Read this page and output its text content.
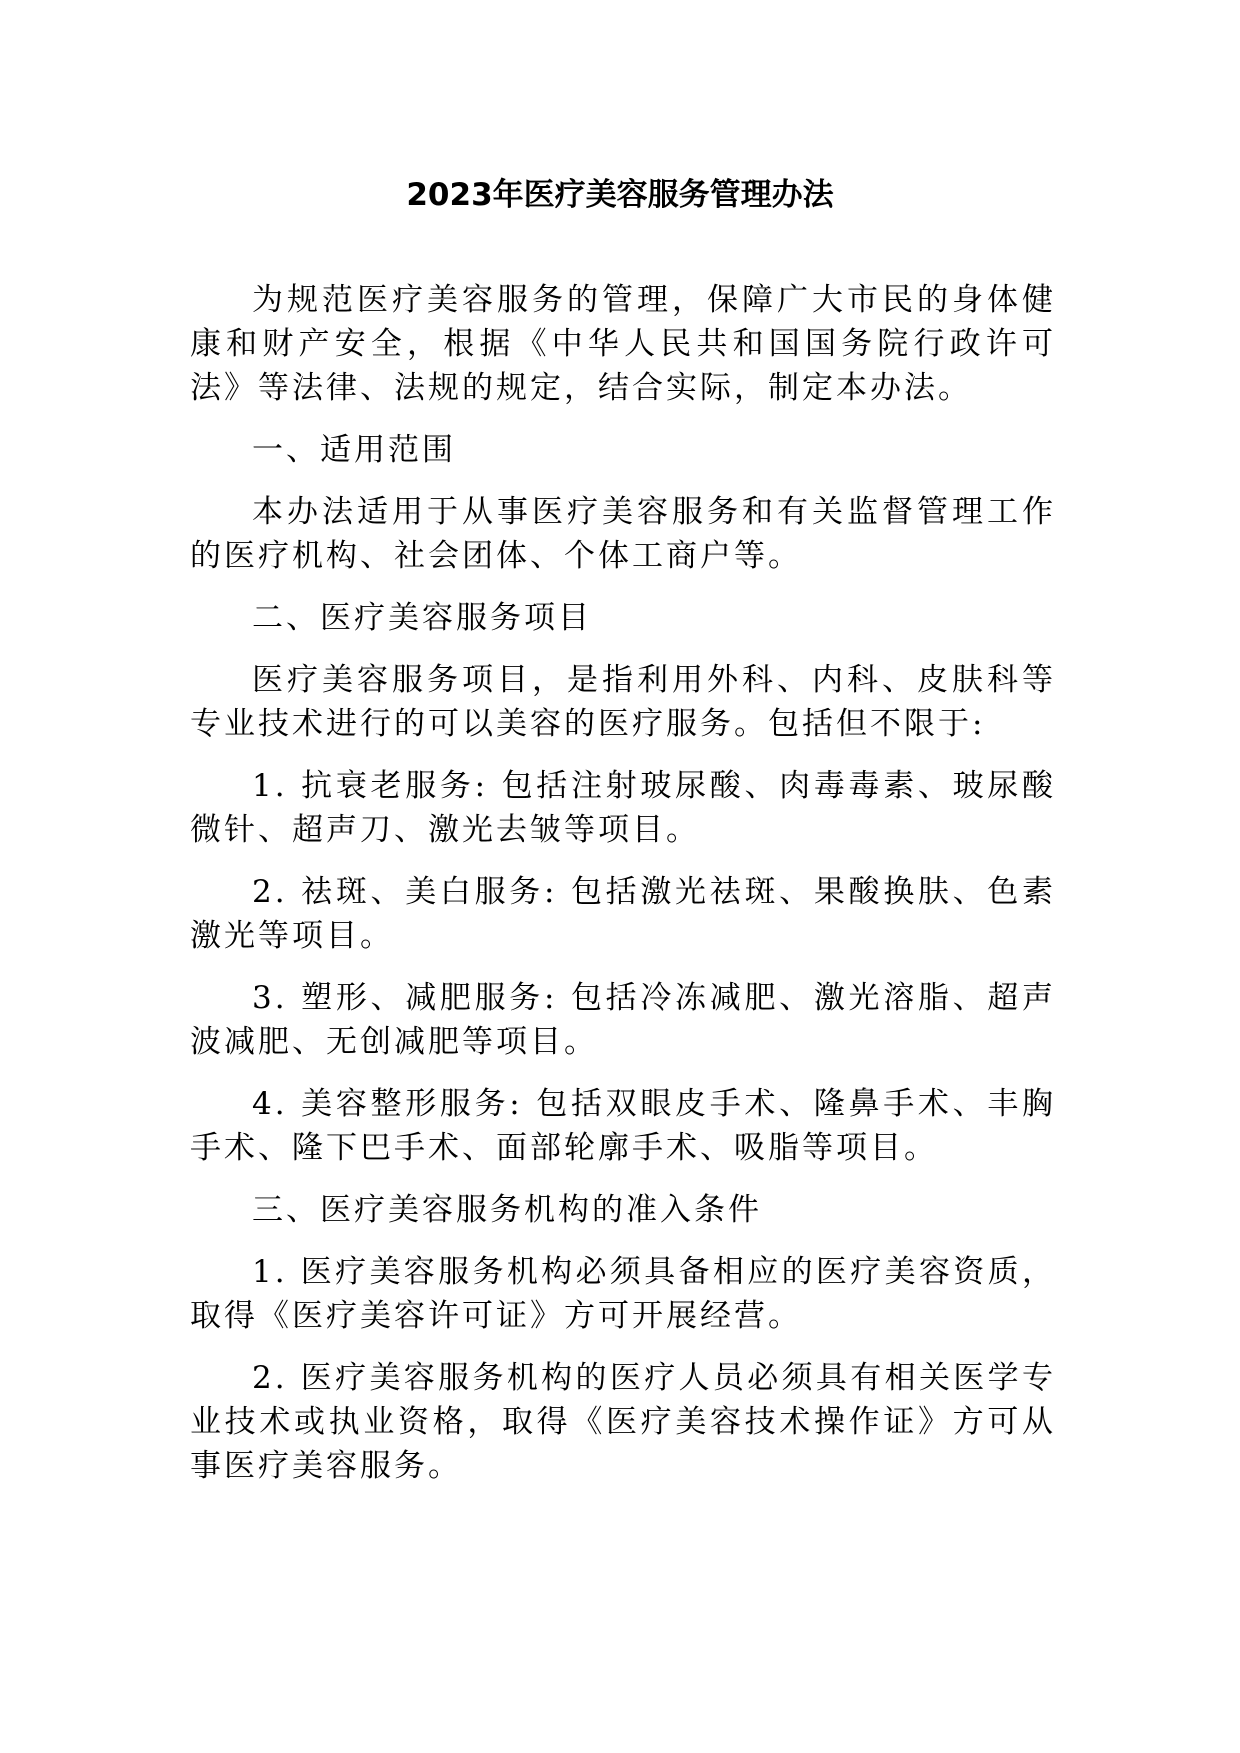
2023年医疗美容服务管理办法

为规范医疗美容服务的管理，保障广大市民的身体健康和财产安全，根据《中华人民共和国国务院行政许可法》等法律、法规的规定，结合实际，制定本办法。

一、适用范围

本办法适用于从事医疗美容服务和有关监督管理工作的医疗机构、社会团体、个体工商户等。

二、医疗美容服务项目

医疗美容服务项目，是指利用外科、内科、皮肤科等专业技术进行的可以美容的医疗服务。包括但不限于:

1. 抗衰老服务: 包括注射玻尿酸、肉毒毒素、玻尿酸微针、超声刀、激光去皱等项目。

2. 祛斑、美白服务: 包括激光祛斑、果酸换肤、色素激光等项目。

3. 塑形、减肥服务: 包括冷冻减肥、激光溶脂、超声波减肥、无创减肥等项目。

4. 美容整形服务: 包括双眼皮手术、隆鼻手术、丰胸手术、隆下巴手术、面部轮廓手术、吸脂等项目。

三、医疗美容服务机构的准入条件

1. 医疗美容服务机构必须具备相应的医疗美容资质，取得《医疗美容许可证》方可开展经营。

2. 医疗美容服务机构的医疗人员必须具有相关医学专业技术或执业资格，取得《医疗美容技术操作证》方可从事医疗美容服务。
